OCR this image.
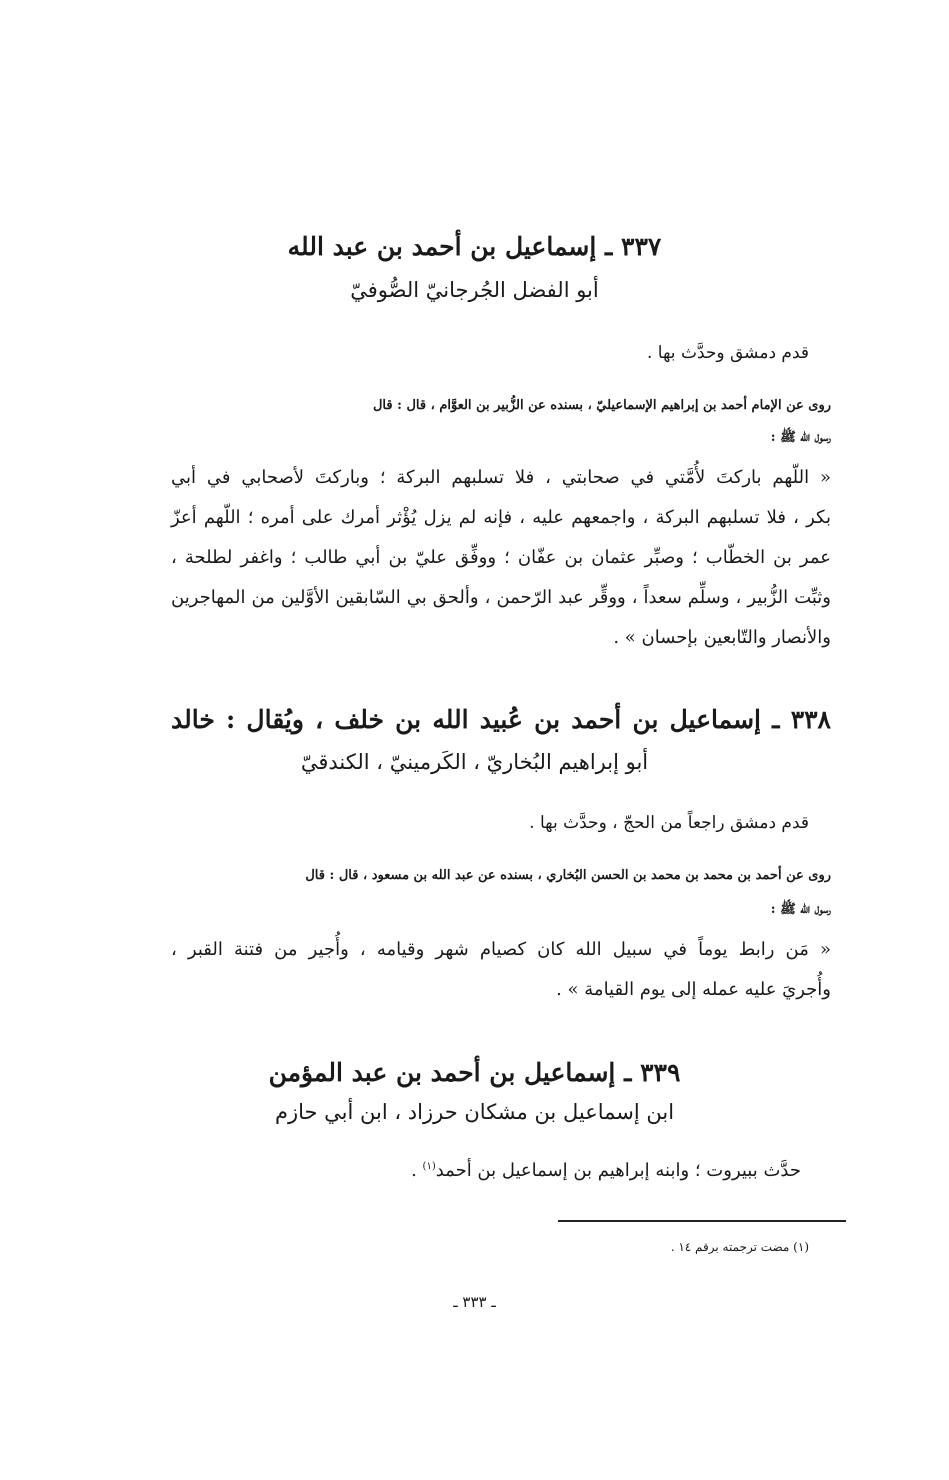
٣٣٧ ـ إسماعيل بن أحمد بن عبد الله
أبو الفضل الجُرجانيّ الصُّوفيّ
قدم دمشق وحدَّث بها .
روى عن الإمام أحمد بن إبراهيم الإسماعيليّ ، بسنده عن الزُّبير بن العوَّام ، قال : قال
رسول الله ﷺ :
« اللّهم باركتَ لأُمَّتي في صحابتي ، فلا تسلبهم البركة ؛ وباركتَ لأصحابي في أبي
بكر ، فلا تسلبهم البركة ، واجمعهم عليه ، فإنه لم يزل يُؤْثر أمرك على أمره ؛ اللّهم أعزّ
عمر بن الخطّاب ؛ وصبِّر عثمان بن عفّان ؛ ووفِّق عليّ بن أبي طالب ؛ واغفر لطلحة ،
وثبِّت الزُّبير ، وسلِّم سعداً ، ووقِّر عبد الرّحمن ، وألحق بي السّابقين الأوَّلين من المهاجرين
والأنصار والتّابعين بإحسان » .
٣٣٨ ـ إسماعيل بن أحمد بن عُبيد الله بن خلف ، ويُقال : خالد
أبو إبراهيم البُخاريّ ، الكَرمينيّ ، الكندقيّ
قدم دمشق راجعاً من الحجّ ، وحدَّث بها .
روى عن أحمد بن محمد بن محمد بن الحسن البُخاري ، بسنده عن عبد الله بن مسعود ، قال : قال
رسول الله ﷺ :
« مَن رابط يوماً في سبيل الله كان كصيام شهر وقيامه ، وأُجير من فتنة القبر ،
وأُجريَ عليه عمله إلى يوم القيامة » .
٣٣٩ ـ إسماعيل بن أحمد بن عبد المؤمن
ابن إسماعيل بن مشكان حرزاد ، ابن أبي حازم
حدَّث ببيروت ؛ وابنه إبراهيم بن إسماعيل بن أحمد$^{(١)}$ .
(١) مضت ترجمته برقم ١٤ .
ـ ٣٣٣ ـ
